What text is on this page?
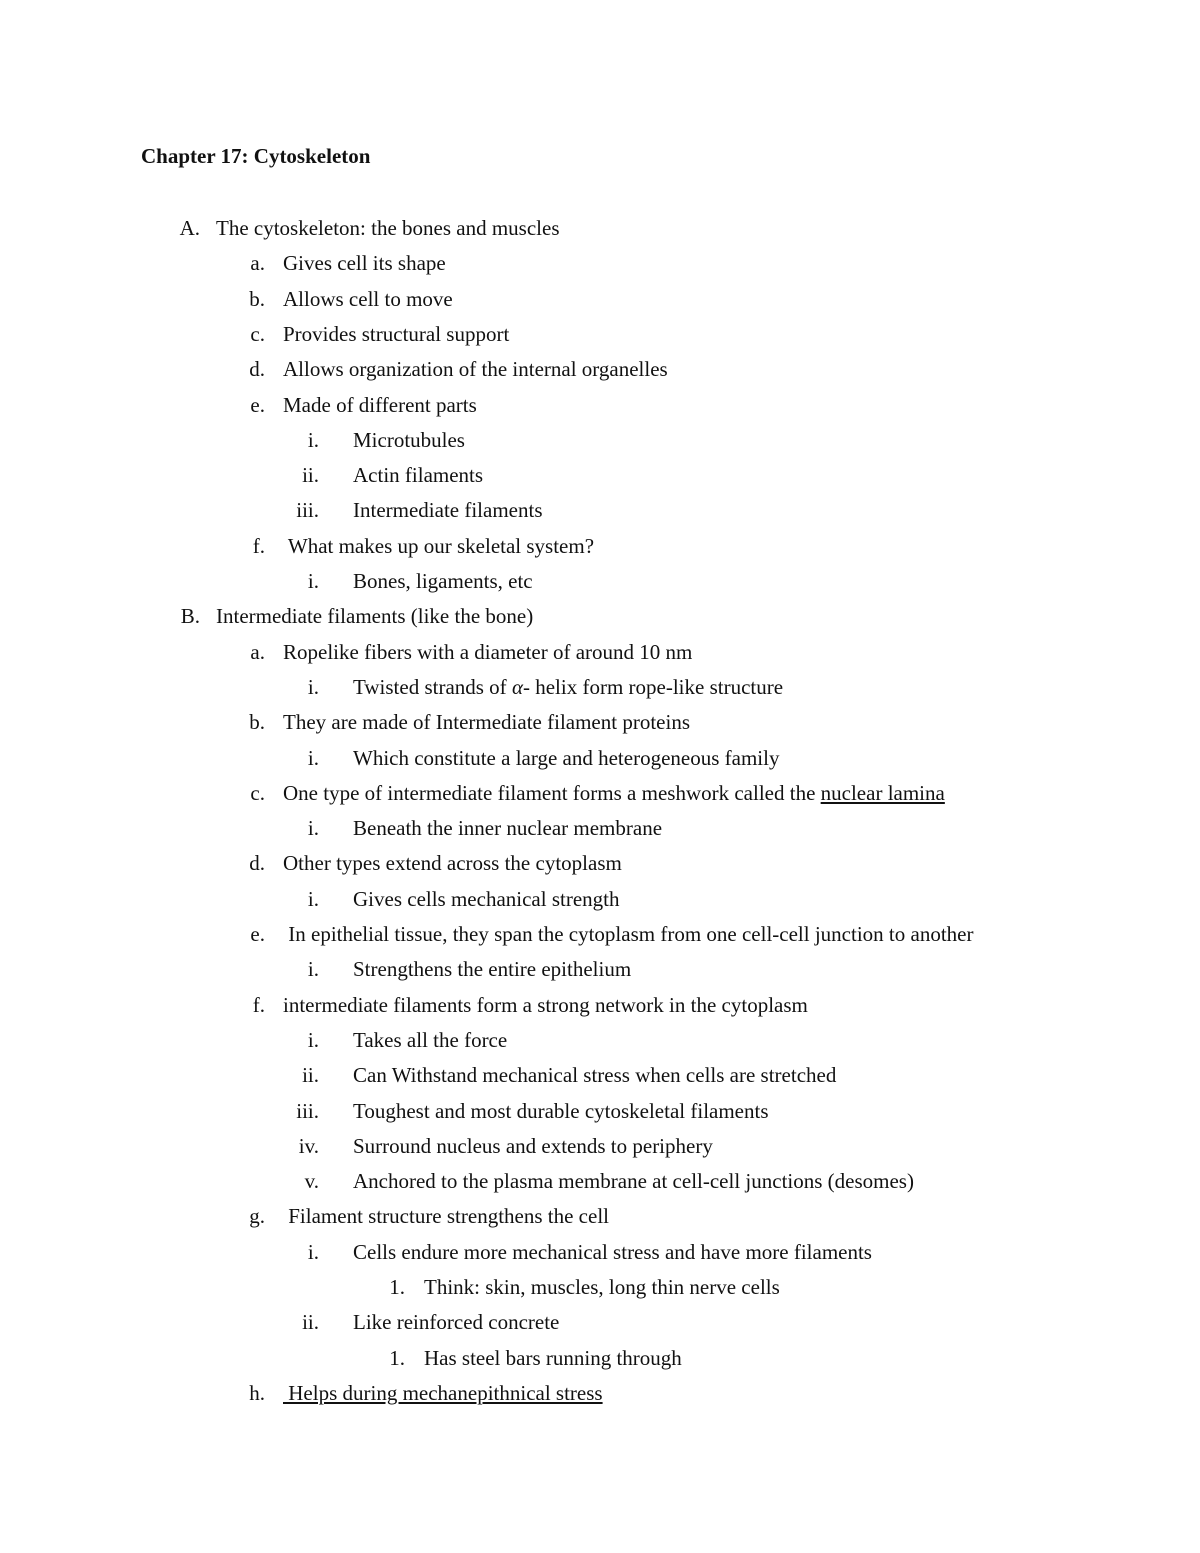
Chapter 17: Cytoskeleton
A. The cytoskeleton: the bones and muscles
a. Gives cell its shape
b. Allows cell to move
c. Provides structural support
d. Allows organization of the internal organelles
e. Made of different parts
i. Microtubules
ii. Actin filaments
iii. Intermediate filaments
f. What makes up our skeletal system?
i. Bones, ligaments, etc
B. Intermediate filaments (like the bone)
a. Ropelike fibers with a diameter of around 10 nm
i. Twisted strands of α- helix form rope-like structure
b. They are made of Intermediate filament proteins
i. Which constitute a large and heterogeneous family
c. One type of intermediate filament forms a meshwork called the nuclear lamina
i. Beneath the inner nuclear membrane
d. Other types extend across the cytoplasm
i. Gives cells mechanical strength
e. In epithelial tissue, they span the cytoplasm from one cell-cell junction to another
i. Strengthens the entire epithelium
f. intermediate filaments form a strong network in the cytoplasm
i. Takes all the force
ii. Can Withstand mechanical stress when cells are stretched
iii. Toughest and most durable cytoskeletal filaments
iv. Surround nucleus and extends to periphery
v. Anchored to the plasma membrane at cell-cell junctions (desomes)
g. Filament structure strengthens the cell
i. Cells endure more mechanical stress and have more filaments
1. Think: skin, muscles, long thin nerve cells
ii. Like reinforced concrete
1. Has steel bars running through
h. Helps during mechanepithnical stress
